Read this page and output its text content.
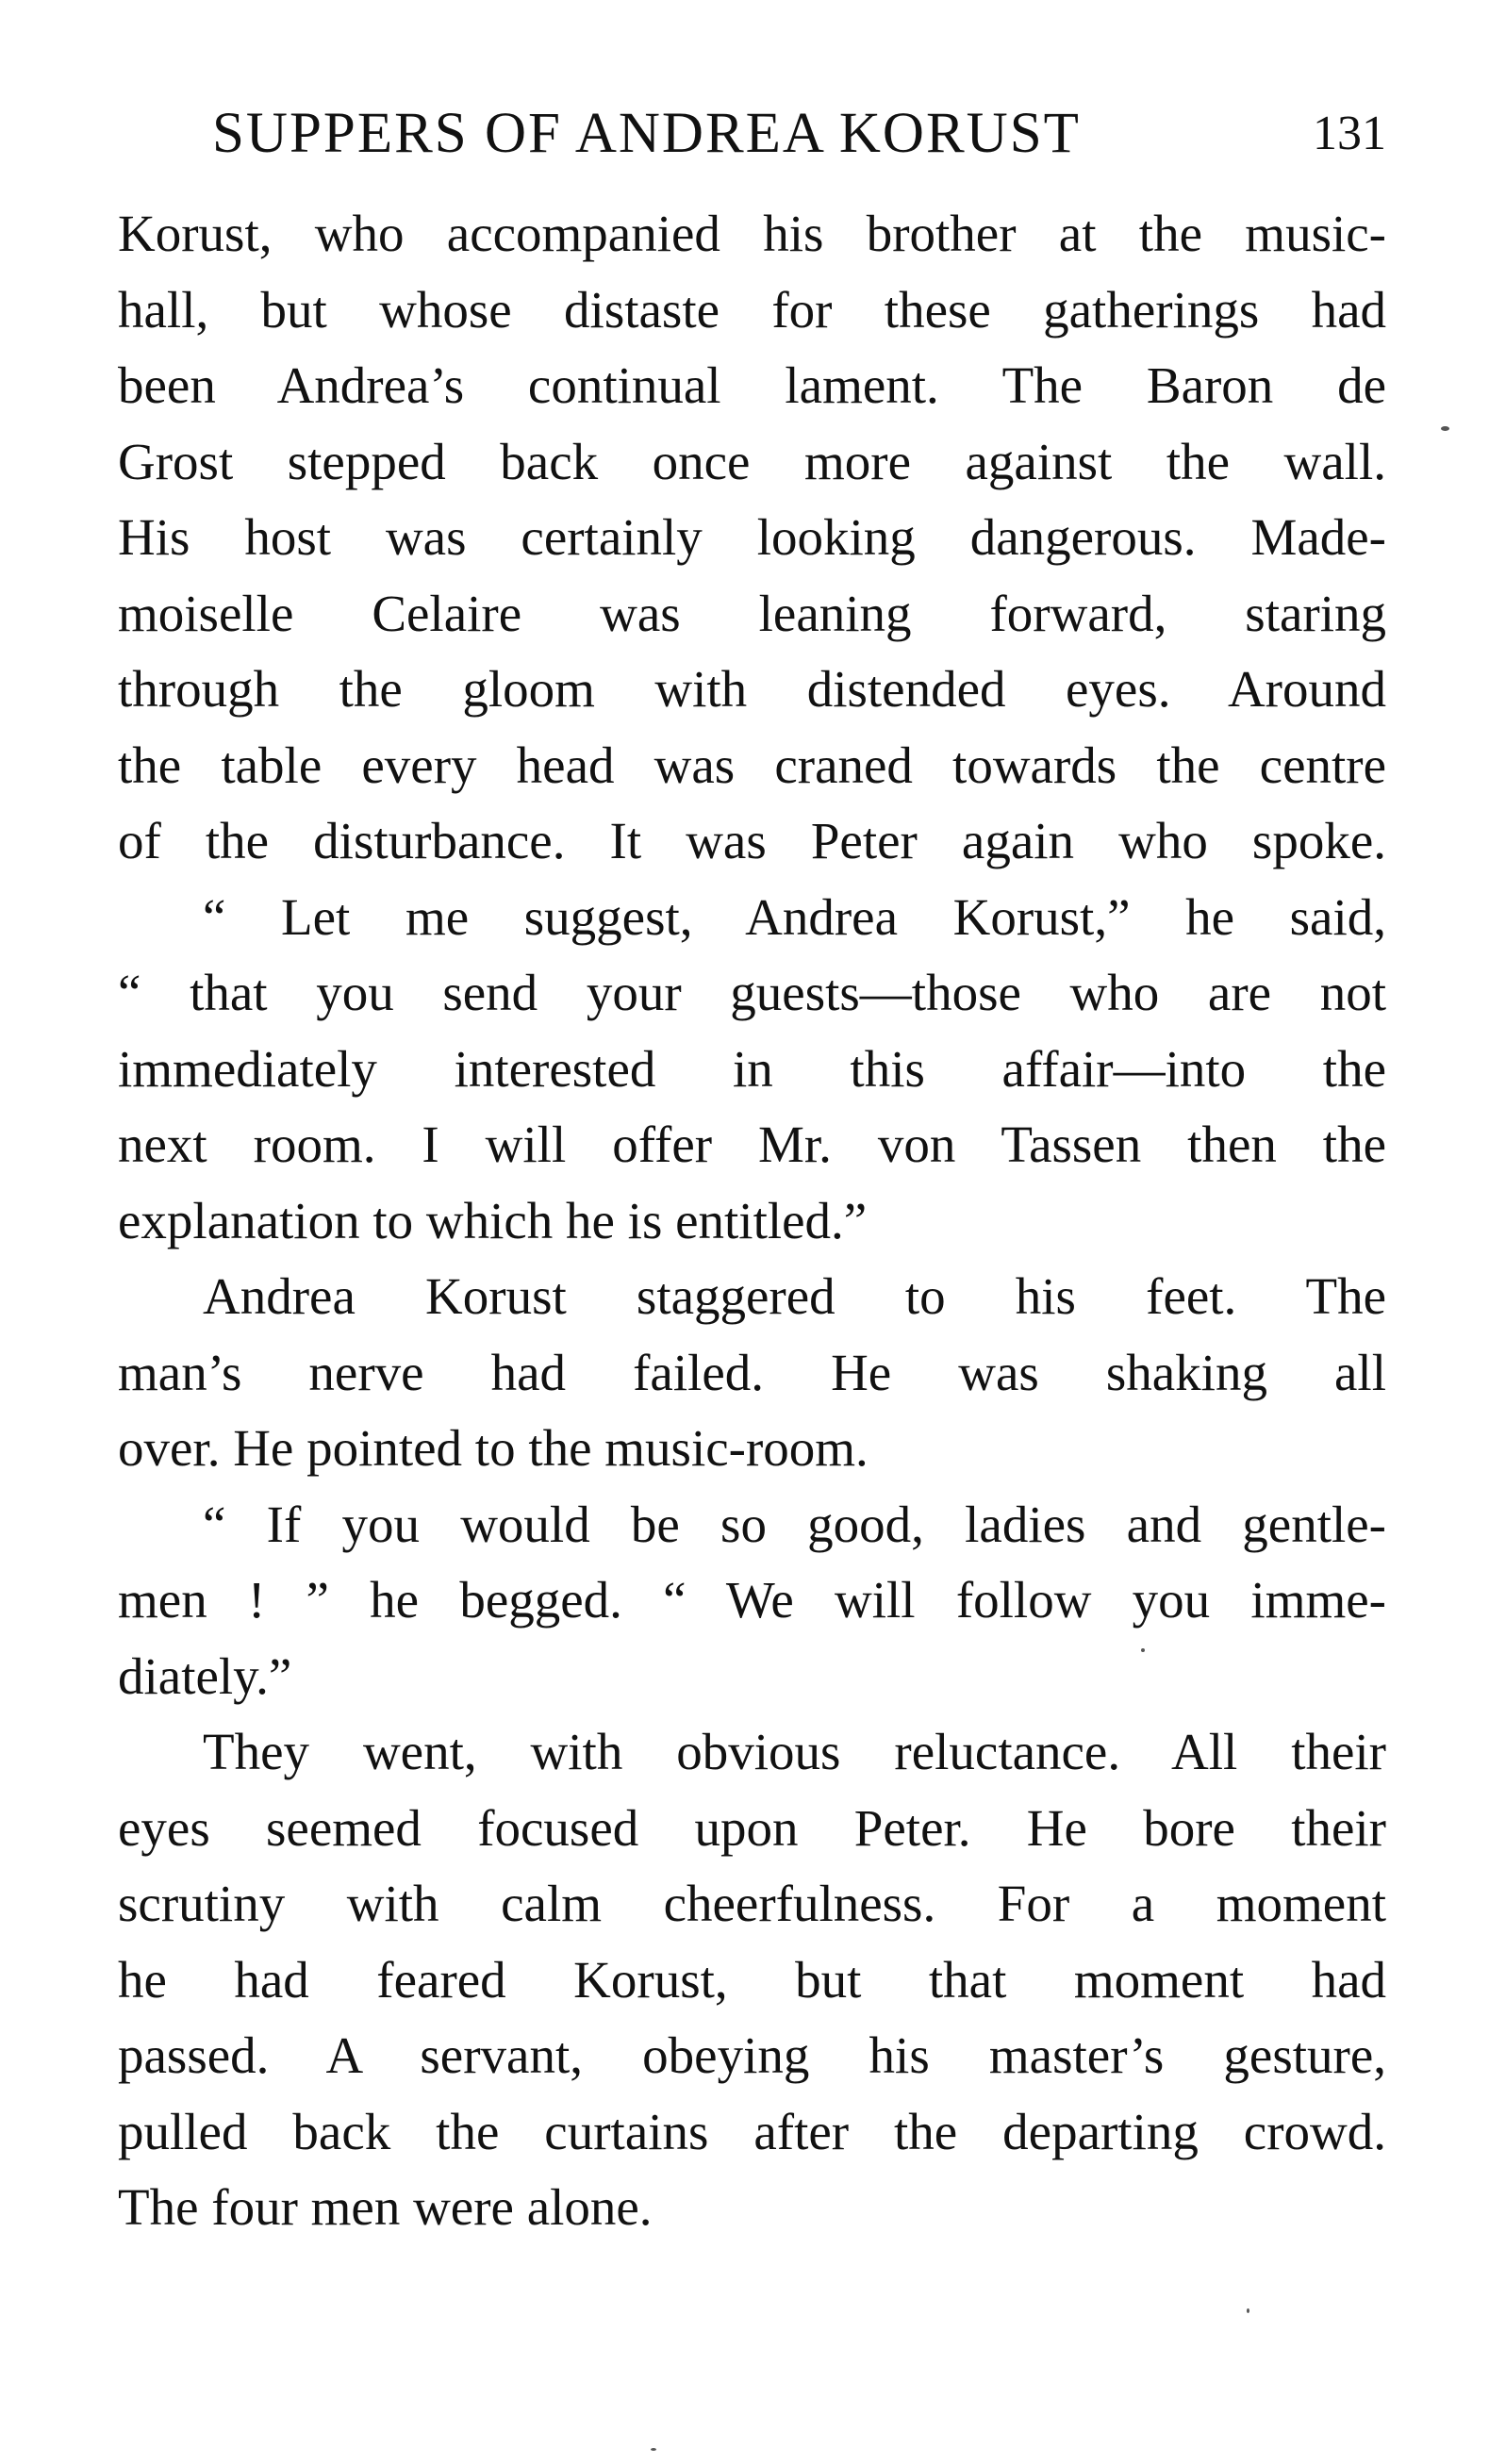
SUPPERS OF ANDREA KORUST	131
Korust, who accompanied his brother at the music-
hall, but whose distaste for these gatherings had
been Andrea’s continual lament. The Baron de
Grost stepped back once more against the wall.
His host was certainly looking dangerous. Made-
moiselle Celaire was leaning forward, staring
through the gloom with distended eyes. Around
the table every head was craned towards the centre
of the disturbance. It was Peter again who spoke.
“ Let me suggest, Andrea Korust,” he said,
“ that you send your guests—those who are not
immediately interested in this affair—into the
next room. I will offer Mr. von Tassen then the
explanation to which he is entitled.”
Andrea Korust staggered to his feet. The
man’s nerve had failed. He was shaking all
over. He pointed to the music-room.
“ If you would be so good, ladies and gentle-
men ! ” he begged. “ We will follow you imme-
diately.”
They went, with obvious reluctance. All their
eyes seemed focused upon Peter. He bore their
scrutiny with calm cheerfulness. For a moment
he had feared Korust, but that moment had
passed. A servant, obeying his master’s gesture,
pulled back the curtains after the departing crowd.
The four men were alone.
